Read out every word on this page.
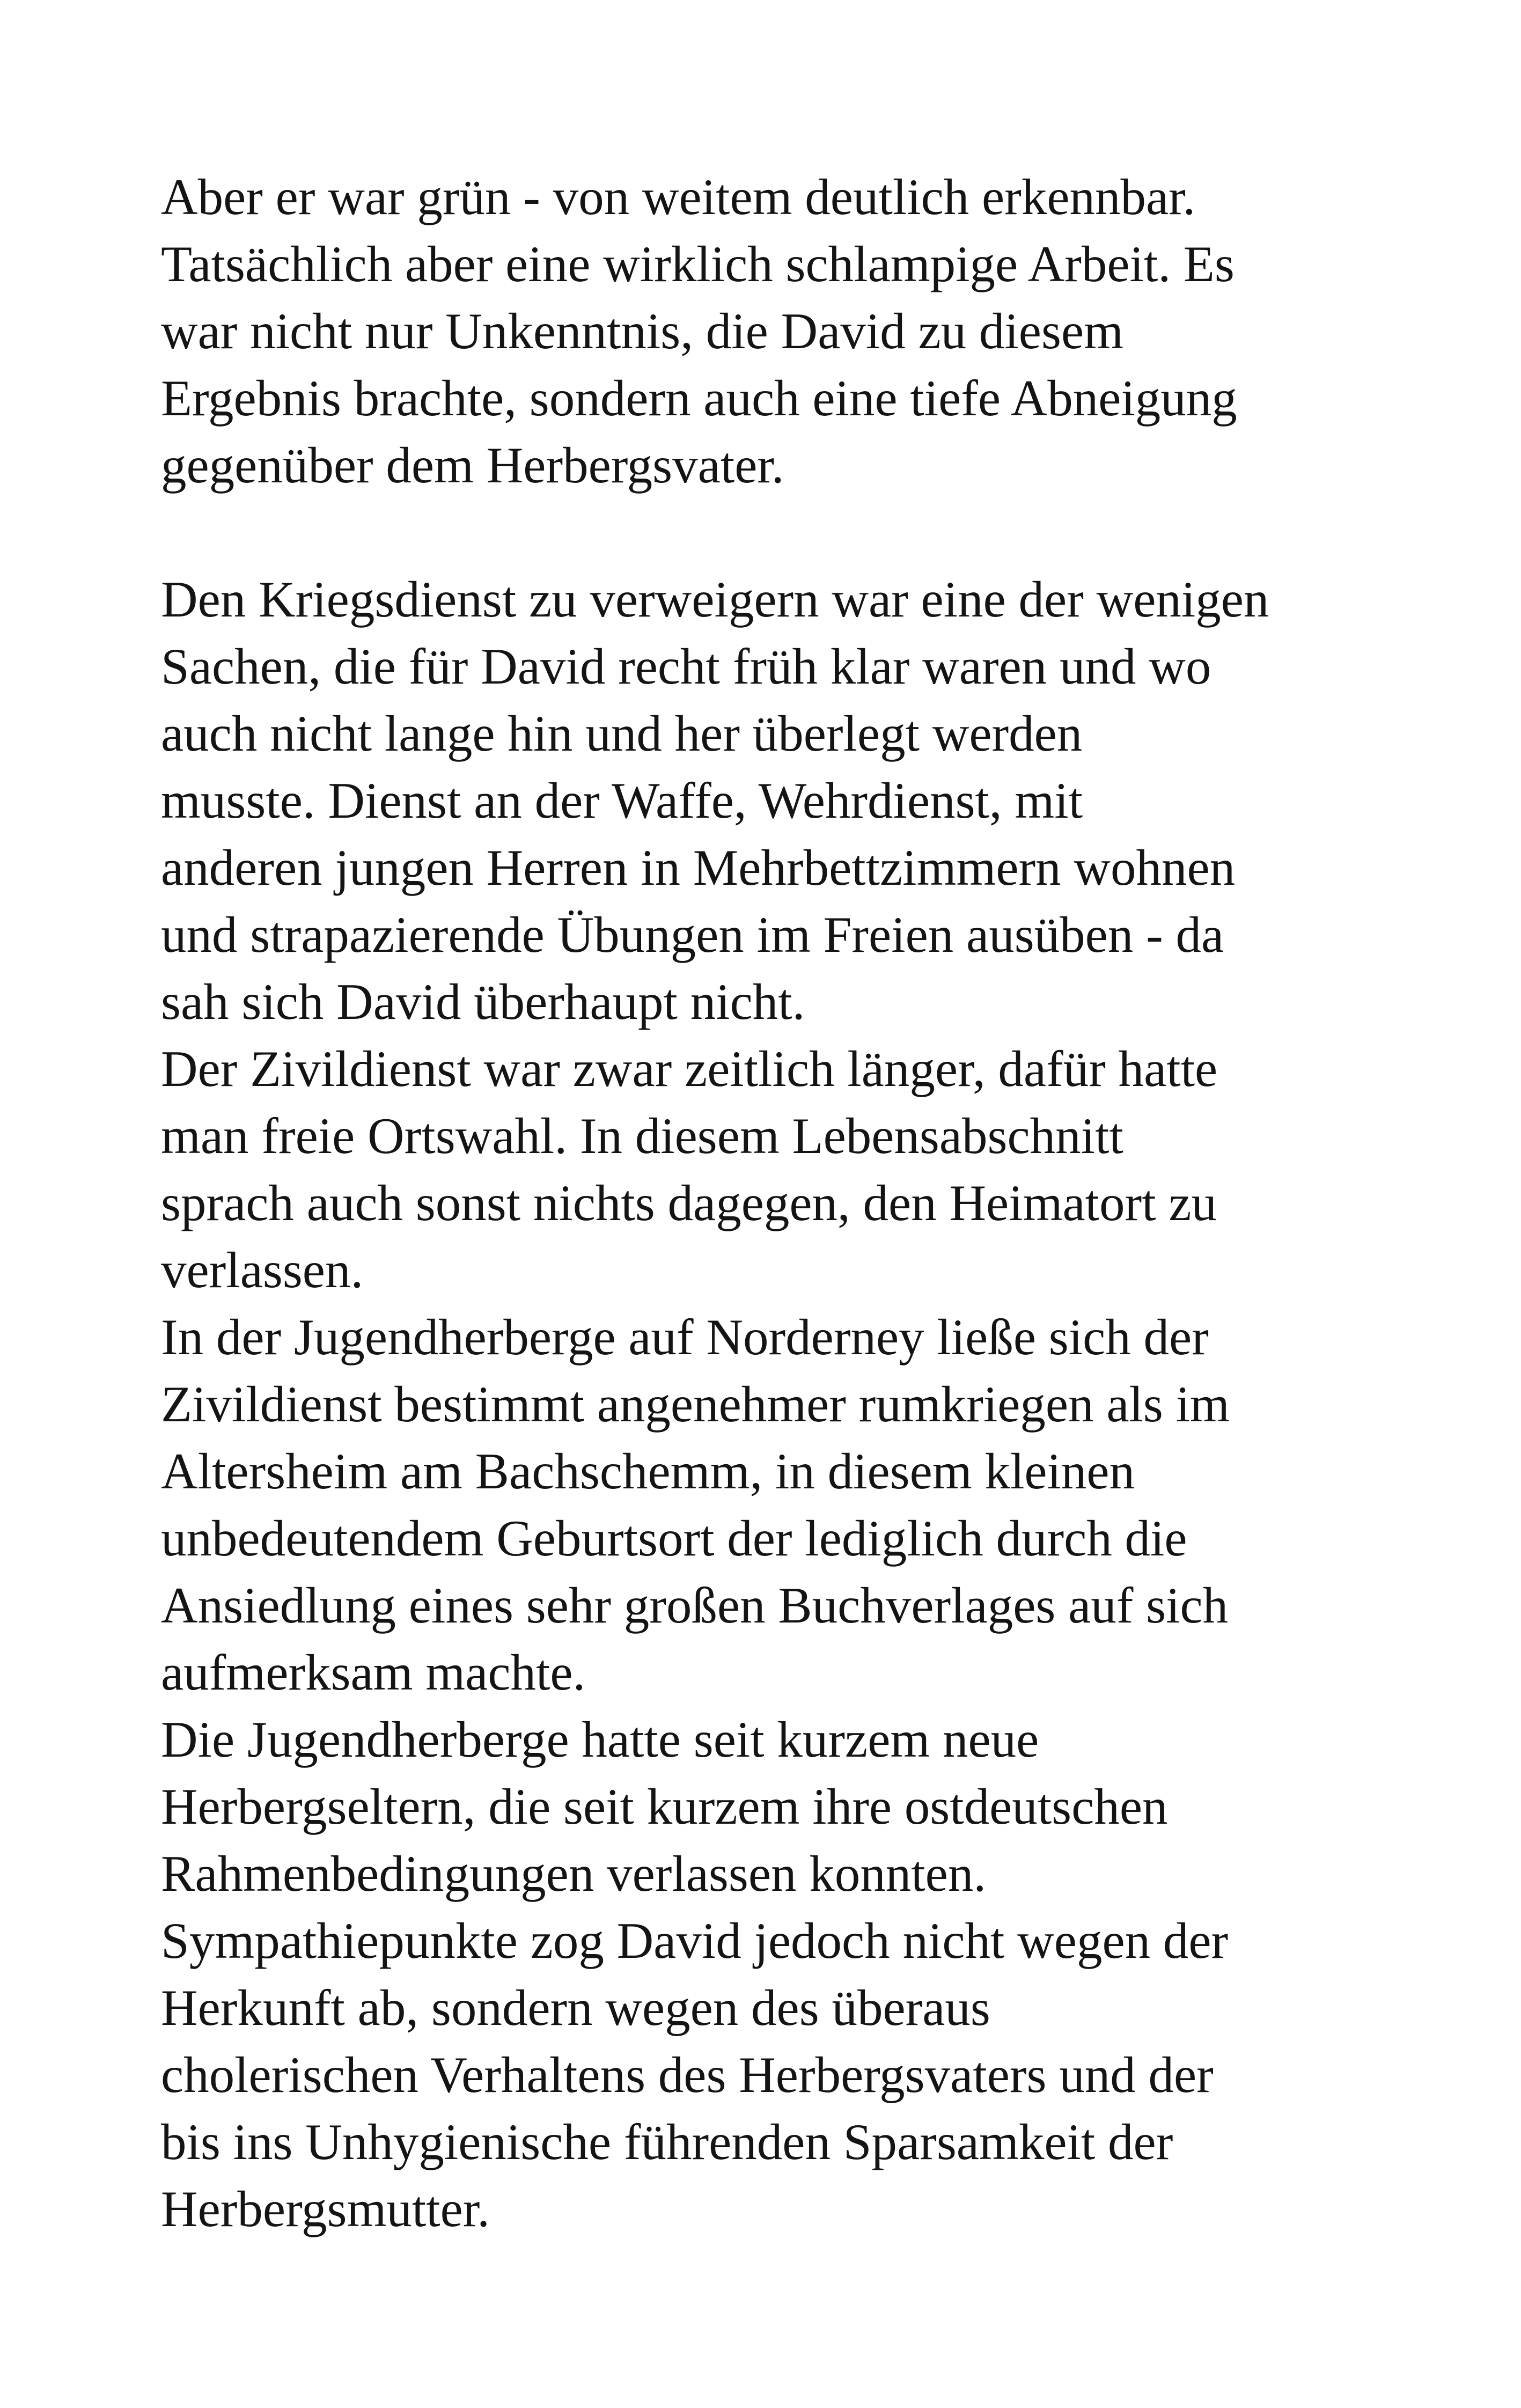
Aber er war grün - von weitem deutlich erkennbar.
Tatsächlich aber eine wirklich schlampige Arbeit. Es
war nicht nur Unkenntnis, die David zu diesem
Ergebnis brachte, sondern auch eine tiefe Abneigung
gegenüber dem Herbergsvater.

Den Kriegsdienst zu verweigern war eine der wenigen
Sachen, die für David recht früh klar waren und wo
auch nicht lange hin und her überlegt werden
musste. Dienst an der Waffe, Wehrdienst, mit
anderen jungen Herren in Mehrbettzimmern wohnen
und strapazierende Übungen im Freien ausüben - da
sah sich David überhaupt nicht.

Der Zivildienst war zwar zeitlich länger, dafür hatte
man freie Ortswahl. In diesem Lebensabschnitt
sprach auch sonst nichts dagegen, den Heimatort zu
verlassen.

In der Jugendherberge auf Norderney ließe sich der
Zivildienst bestimmt angenehmer rumkriegen als im
Altersheim am Bachschemm, in diesem kleinen
unbedeutendem Geburtsort der lediglich durch die
Ansiedlung eines sehr großen Buchverlages auf sich
aufmerksam machte.

Die Jugendherberge hatte seit kurzem neue
Herbergseltern, die seit kurzem ihre ostdeutschen
Rahmenbedingungen verlassen konnten.
Sympathiepunkte zog David jedoch nicht wegen der
Herkunft ab, sondern wegen des überaus
cholerischen Verhaltens des Herbergsvaters und der
bis ins Unhygienische führenden Sparsamkeit der
Herbergsmutter.
